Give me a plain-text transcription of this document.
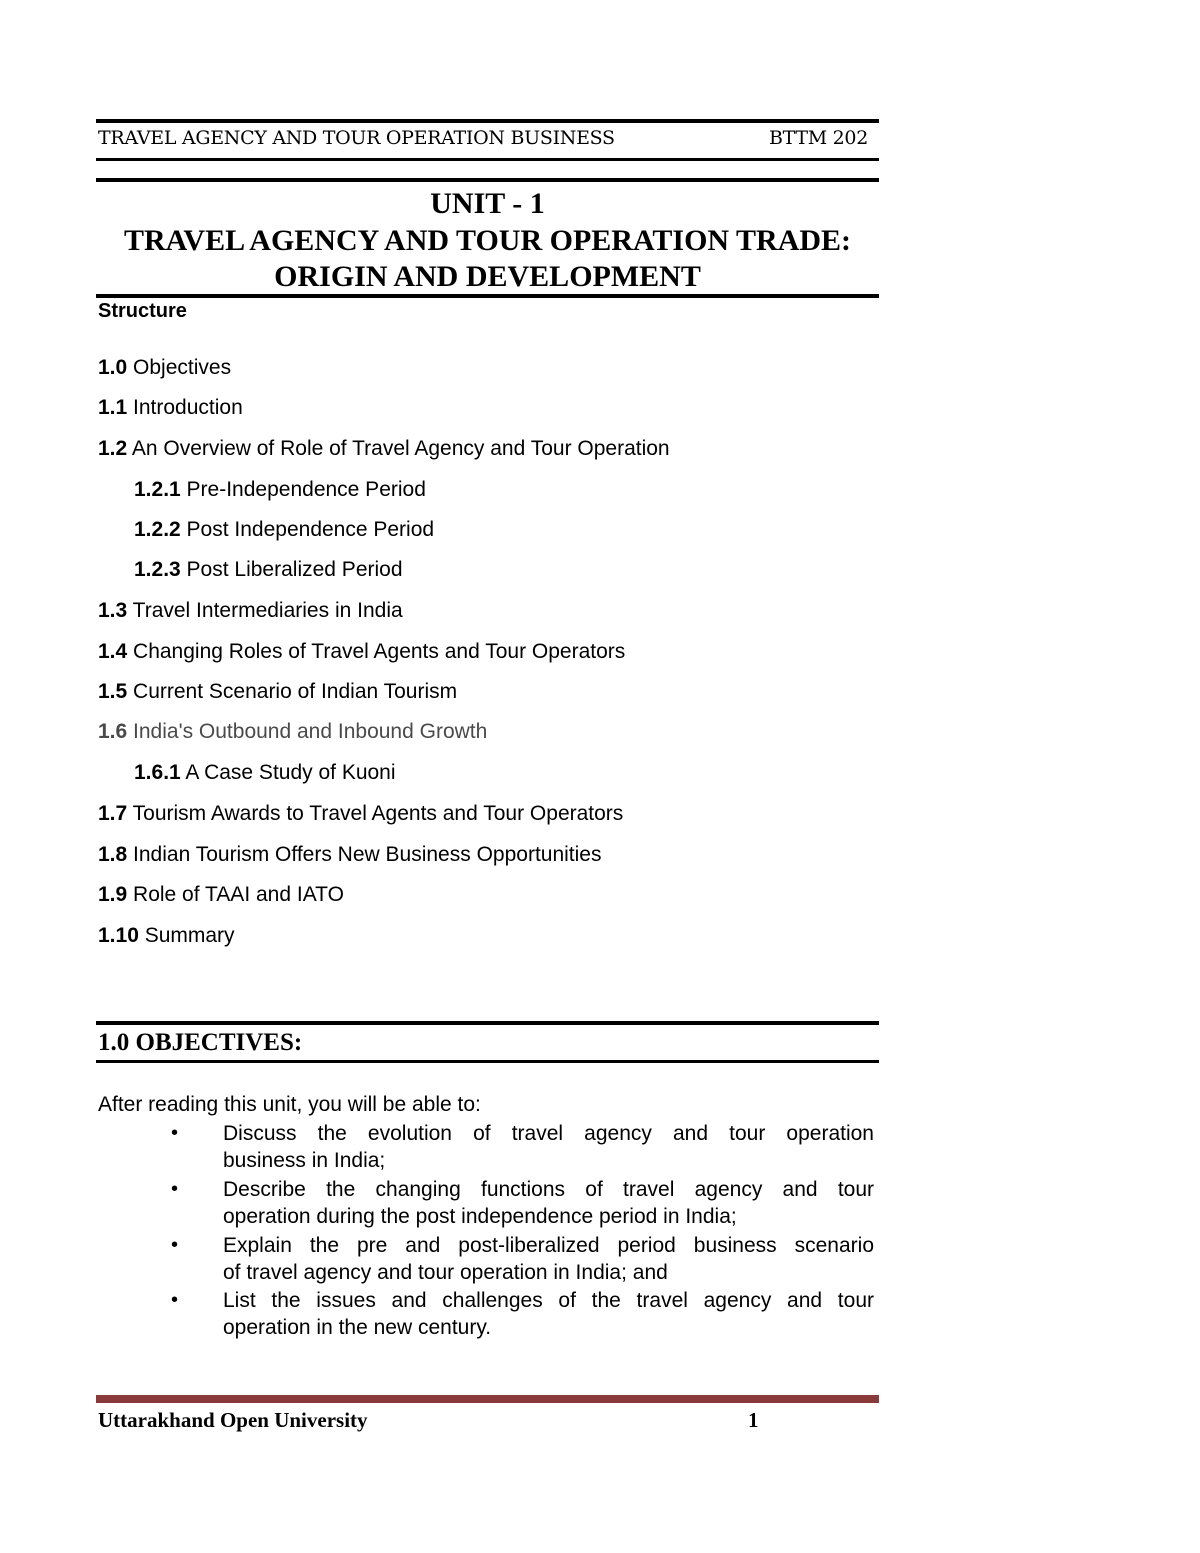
TRAVEL AGENCY AND TOUR OPERATION BUSINESS	BTTM 202
UNIT - 1
TRAVEL AGENCY AND TOUR OPERATION TRADE:
ORIGIN AND DEVELOPMENT
Structure
1.0 Objectives
1.1 Introduction
1.2 An Overview of Role of Travel Agency and Tour Operation
1.2.1 Pre-Independence Period
1.2.2 Post Independence Period
1.2.3 Post Liberalized Period
1.3 Travel Intermediaries in India
1.4 Changing Roles of Travel Agents and Tour Operators
1.5 Current Scenario of Indian Tourism
1.6 India's Outbound and Inbound Growth
1.6.1 A Case Study of Kuoni
1.7 Tourism Awards to Travel Agents and Tour Operators
1.8 Indian Tourism Offers New Business Opportunities
1.9 Role of TAAI and IATO
1.10 Summary
1.0 OBJECTIVES:
After reading this unit, you will be able to:
•	Discuss the evolution of travel agency and tour operation
business in India;
•	Describe the changing functions of travel agency and tour
operation during the post independence period in India;
•	Explain the pre and post-liberalized period business scenario
of travel agency and tour operation in India; and
•	List the issues and challenges of the travel agency and tour
operation in the new century.
Uttarakhand Open University	1
